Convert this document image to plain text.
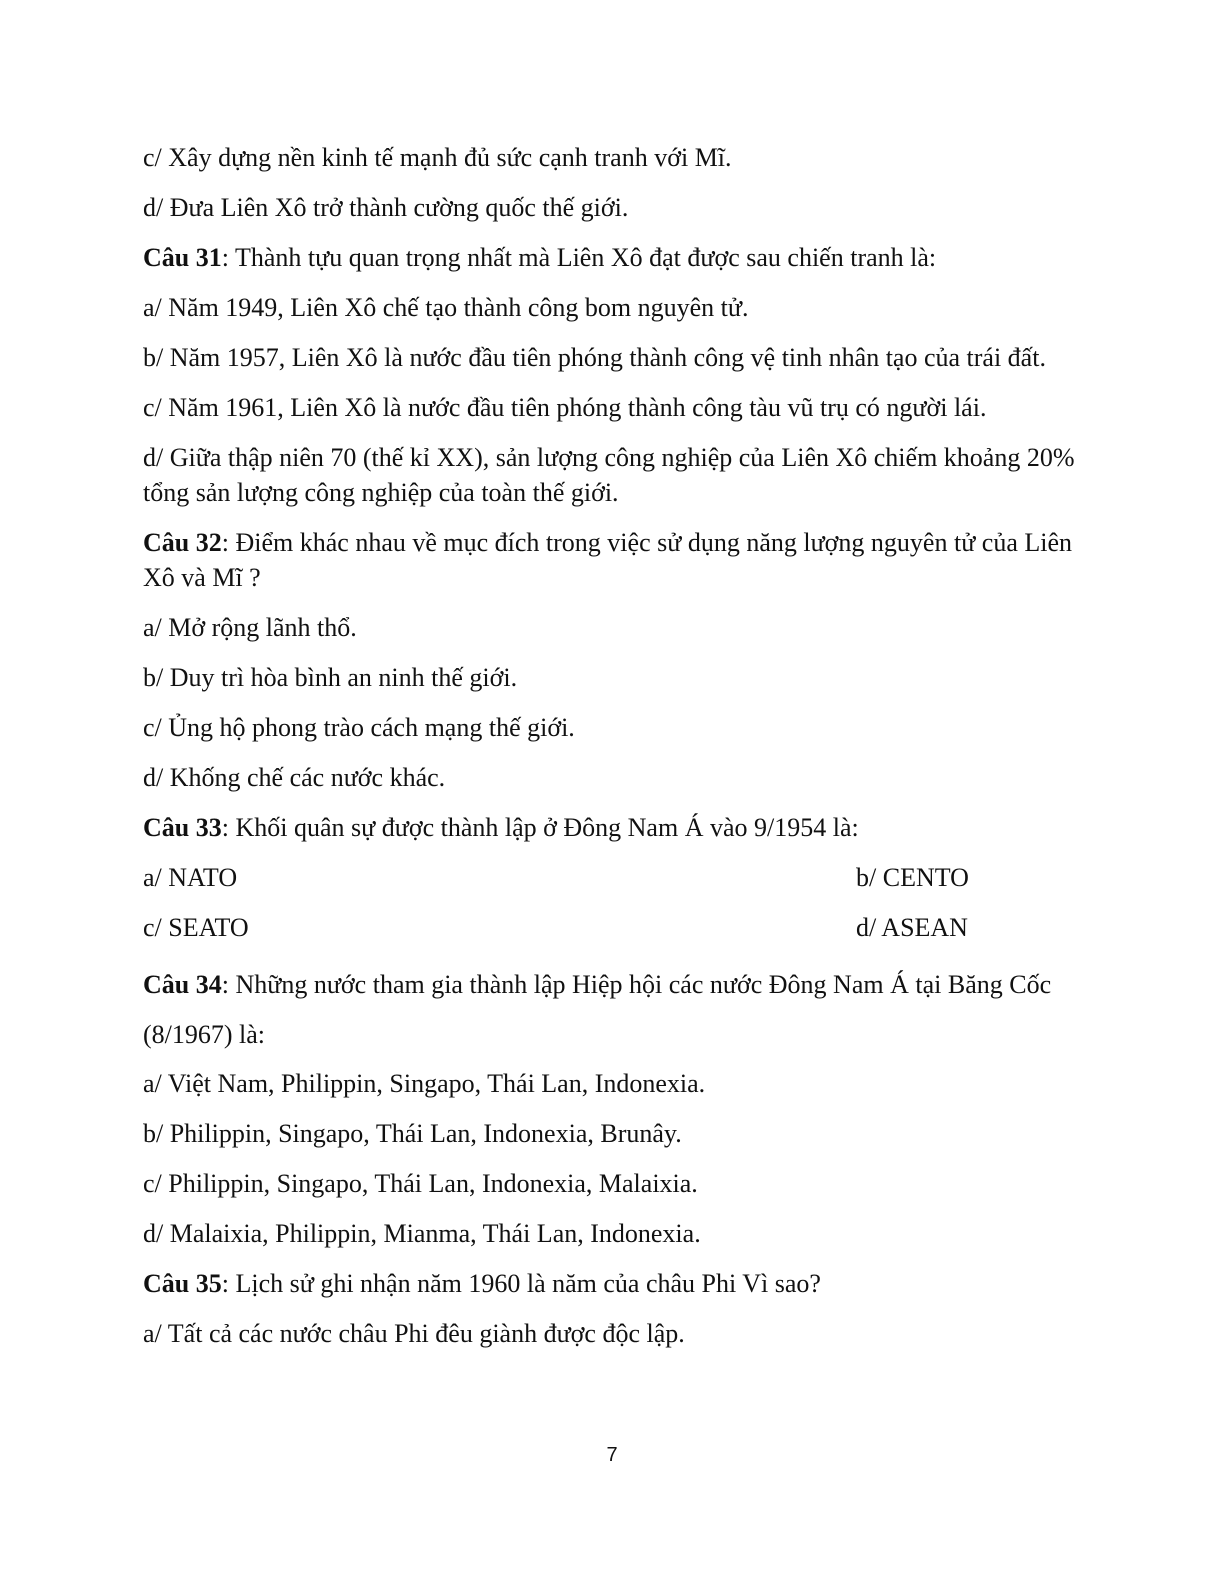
c/ Xây dựng nền kinh tế mạnh đủ sức cạnh tranh với Mĩ.

d/ Đưa Liên Xô trở thành cường quốc thế giới.

Câu 31: Thành tựu quan trọng nhất mà Liên Xô đạt được sau chiến tranh là:

a/ Năm 1949, Liên Xô chế tạo thành công bom nguyên tử.

b/ Năm 1957, Liên Xô là nước đầu tiên phóng thành công vệ tinh nhân tạo của trái đất.

c/ Năm 1961, Liên Xô là nước đầu tiên phóng thành công tàu vũ trụ có người lái.

d/ Giữa thập niên 70 (thế kỉ XX), sản lượng công nghiệp của Liên Xô chiếm khoảng 20% tổng sản lượng công nghiệp của toàn thế giới.

Câu 32: Điểm khác nhau về mục đích trong việc sử dụng năng lượng nguyên tử của Liên Xô và Mĩ ?

a/ Mở rộng lãnh thổ.

b/ Duy trì hòa bình an ninh thế giới.

c/ Ủng hộ phong trào cách mạng thế giới.

d/ Khống chế các nước khác.

Câu 33: Khối quân sự được thành lập ở Đông Nam Á vào 9/1954 là:

a/ NATO	b/ CENTO
c/ SEATO	d/ ASEAN

Câu 34: Những nước tham gia thành lập Hiệp hội các nước Đông Nam Á tại Băng Cốc (8/1967) là:

a/ Việt Nam, Philippin, Singapo, Thái Lan, Indonexia.

b/ Philippin, Singapo, Thái Lan, Indonexia, Brunây.

c/ Philippin, Singapo, Thái Lan, Indonexia, Malaixia.

d/ Malaixia, Philippin, Mianma, Thái Lan, Indonexia.

Câu 35: Lịch sử ghi nhận năm 1960 là năm của châu Phi Vì sao?

a/ Tất cả các nước châu Phi đêu giành được độc lập.

7
